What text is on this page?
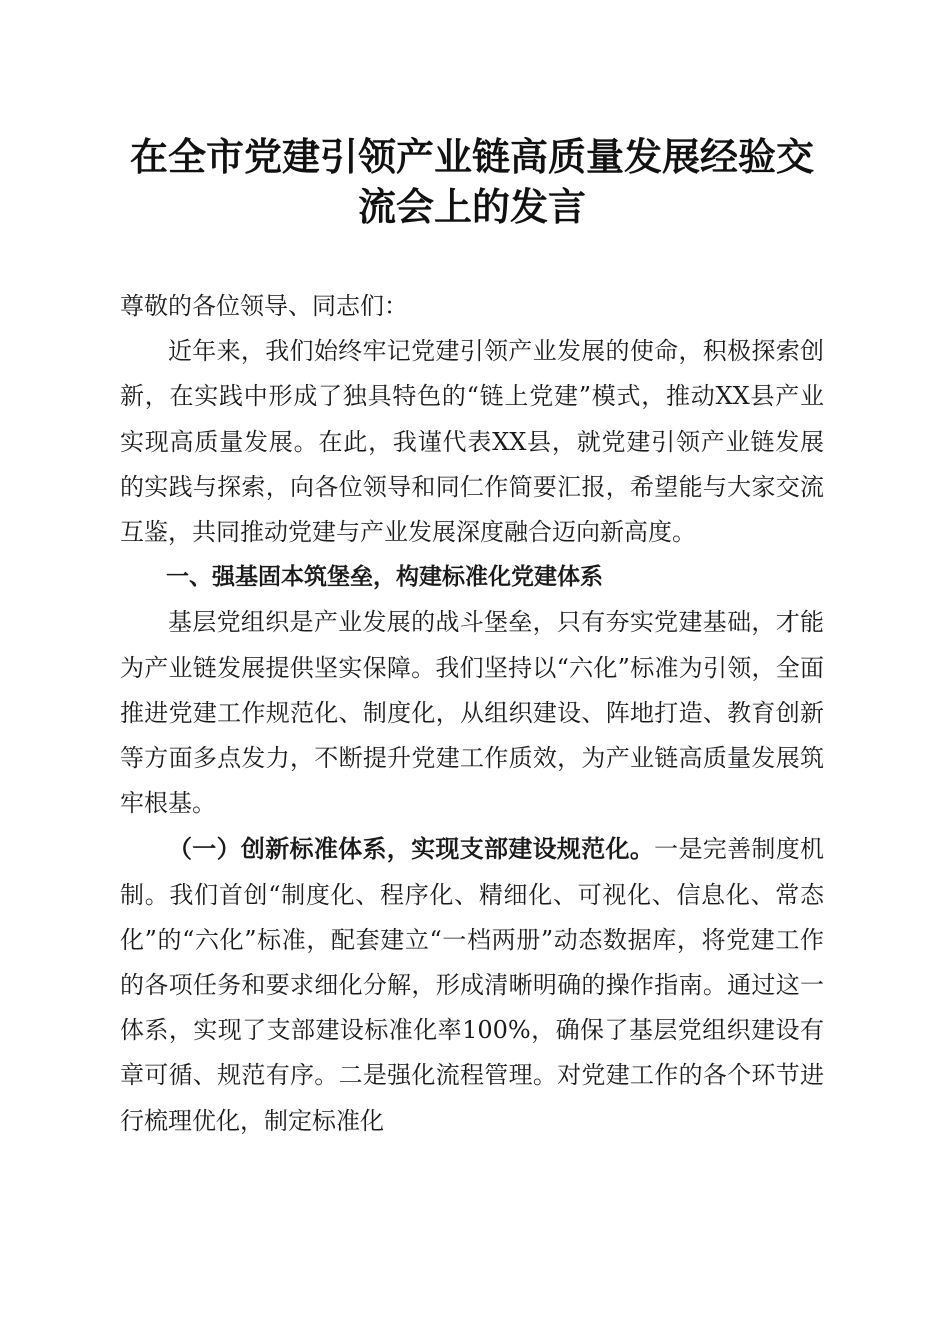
在全市党建引领产业链高质量发展经验交流会上的发言

尊敬的各位领导、同志们：

近年来，我们始终牢记党建引领产业发展的使命，积极探索创新，在实践中形成了独具特色的“链上党建”模式，推动XX县产业实现高质量发展。在此，我谨代表XX县，就党建引领产业链发展的实践与探索，向各位领导和同仁作简要汇报，希望能与大家交流互鉴，共同推动党建与产业发展深度融合迈向新高度。

一、强基固本筑堡垒，构建标准化党建体系

基层党组织是产业发展的战斗堡垒，只有夯实党建基础，才能为产业链发展提供坚实保障。我们坚持以“六化”标准为引领，全面推进党建工作规范化、制度化，从组织建设、阵地打造、教育创新等方面多点发力，不断提升党建工作质效，为产业链高质量发展筑牢根基。

（一）创新标准体系，实现支部建设规范化。一是完善制度机制。我们首创“制度化、程序化、精细化、可视化、信息化、常态化”的“六化”标准，配套建立“一档两册”动态数据库，将党建工作的各项任务和要求细化分解，形成清晰明确的操作指南。通过这一体系，实现了支部建设标准化率100%，确保了基层党组织建设有章可循、规范有序。二是强化流程管理。对党建工作的各个环节进行梳理优化，制定标准化
